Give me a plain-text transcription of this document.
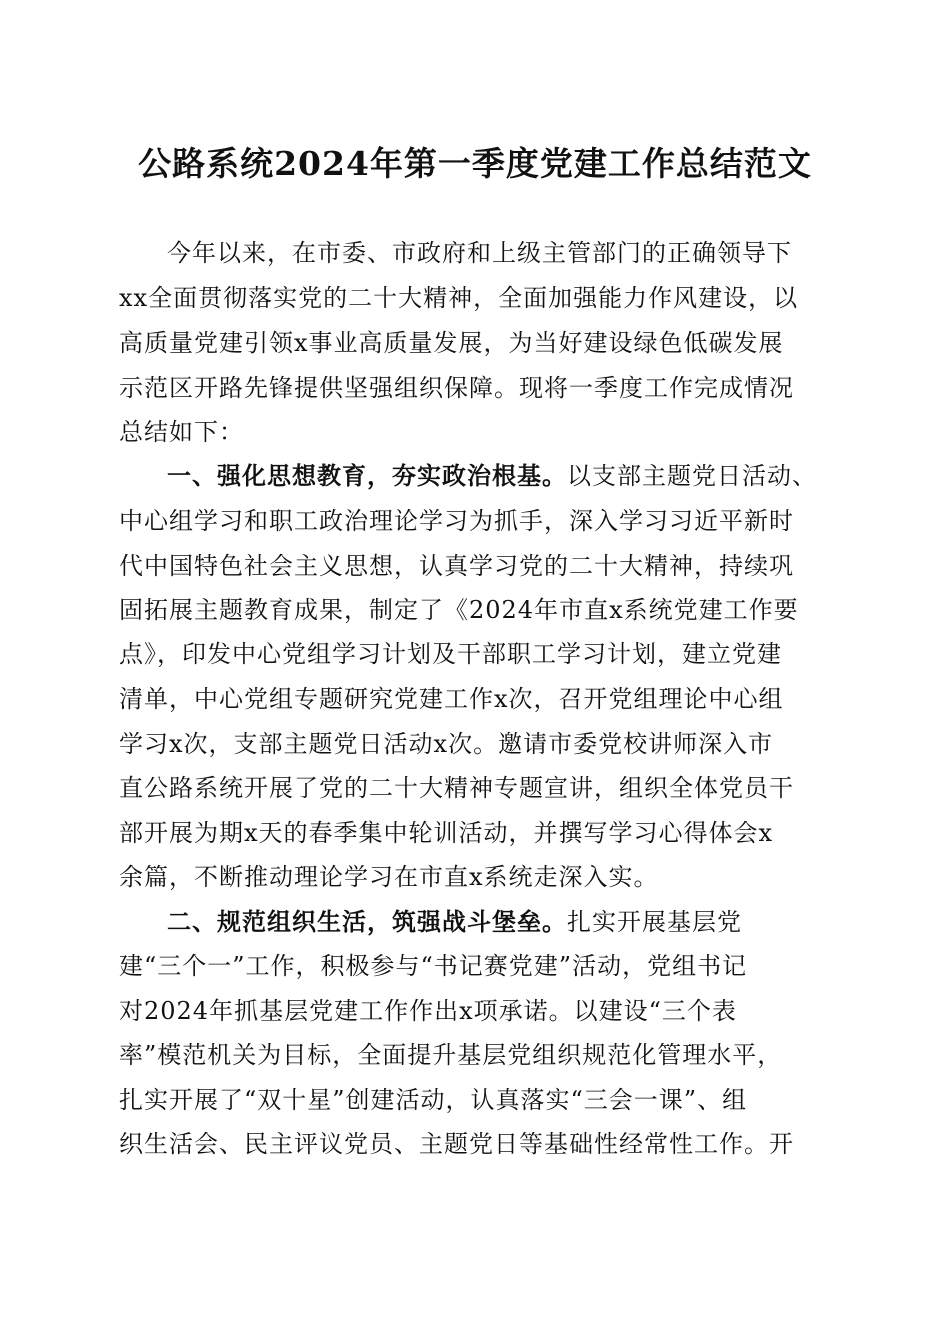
公路系统2024年第一季度党建工作总结范文
今年以来，在市委、市政府和上级主管部门的正确领导下
xx全面贯彻落实党的二十大精神，全面加强能力作风建设，以
高质量党建引领x事业高质量发展，为当好建设绿色低碳发展
示范区开路先锋提供坚强组织保障。现将一季度工作完成情况
总结如下：
一、强化思想教育，夯实政治根基。以支部主题党日活动、
中心组学习和职工政治理论学习为抓手，深入学习习近平新时
代中国特色社会主义思想，认真学习党的二十大精神，持续巩
固拓展主题教育成果，制定了《2024年市直x系统党建工作要
点》，印发中心党组学习计划及干部职工学习计划，建立党建
清单，中心党组专题研究党建工作x次，召开党组理论中心组
学习x次，支部主题党日活动x次。邀请市委党校讲师深入市
直公路系统开展了党的二十大精神专题宣讲，组织全体党员干
部开展为期x天的春季集中轮训活动，并撰写学习心得体会x
余篇，不断推动理论学习在市直x系统走深入实。
二、规范组织生活，筑强战斗堡垒。扎实开展基层党
建“三个一”工作，积极参与“书记赛党建”活动，党组书记
对2024年抓基层党建工作作出x项承诺。以建设“三个表
率”模范机关为目标，全面提升基层党组织规范化管理水平，
扎实开展了“双十星”创建活动，认真落实“三会一课”、组
织生活会、民主评议党员、主题党日等基础性经常性工作。开
